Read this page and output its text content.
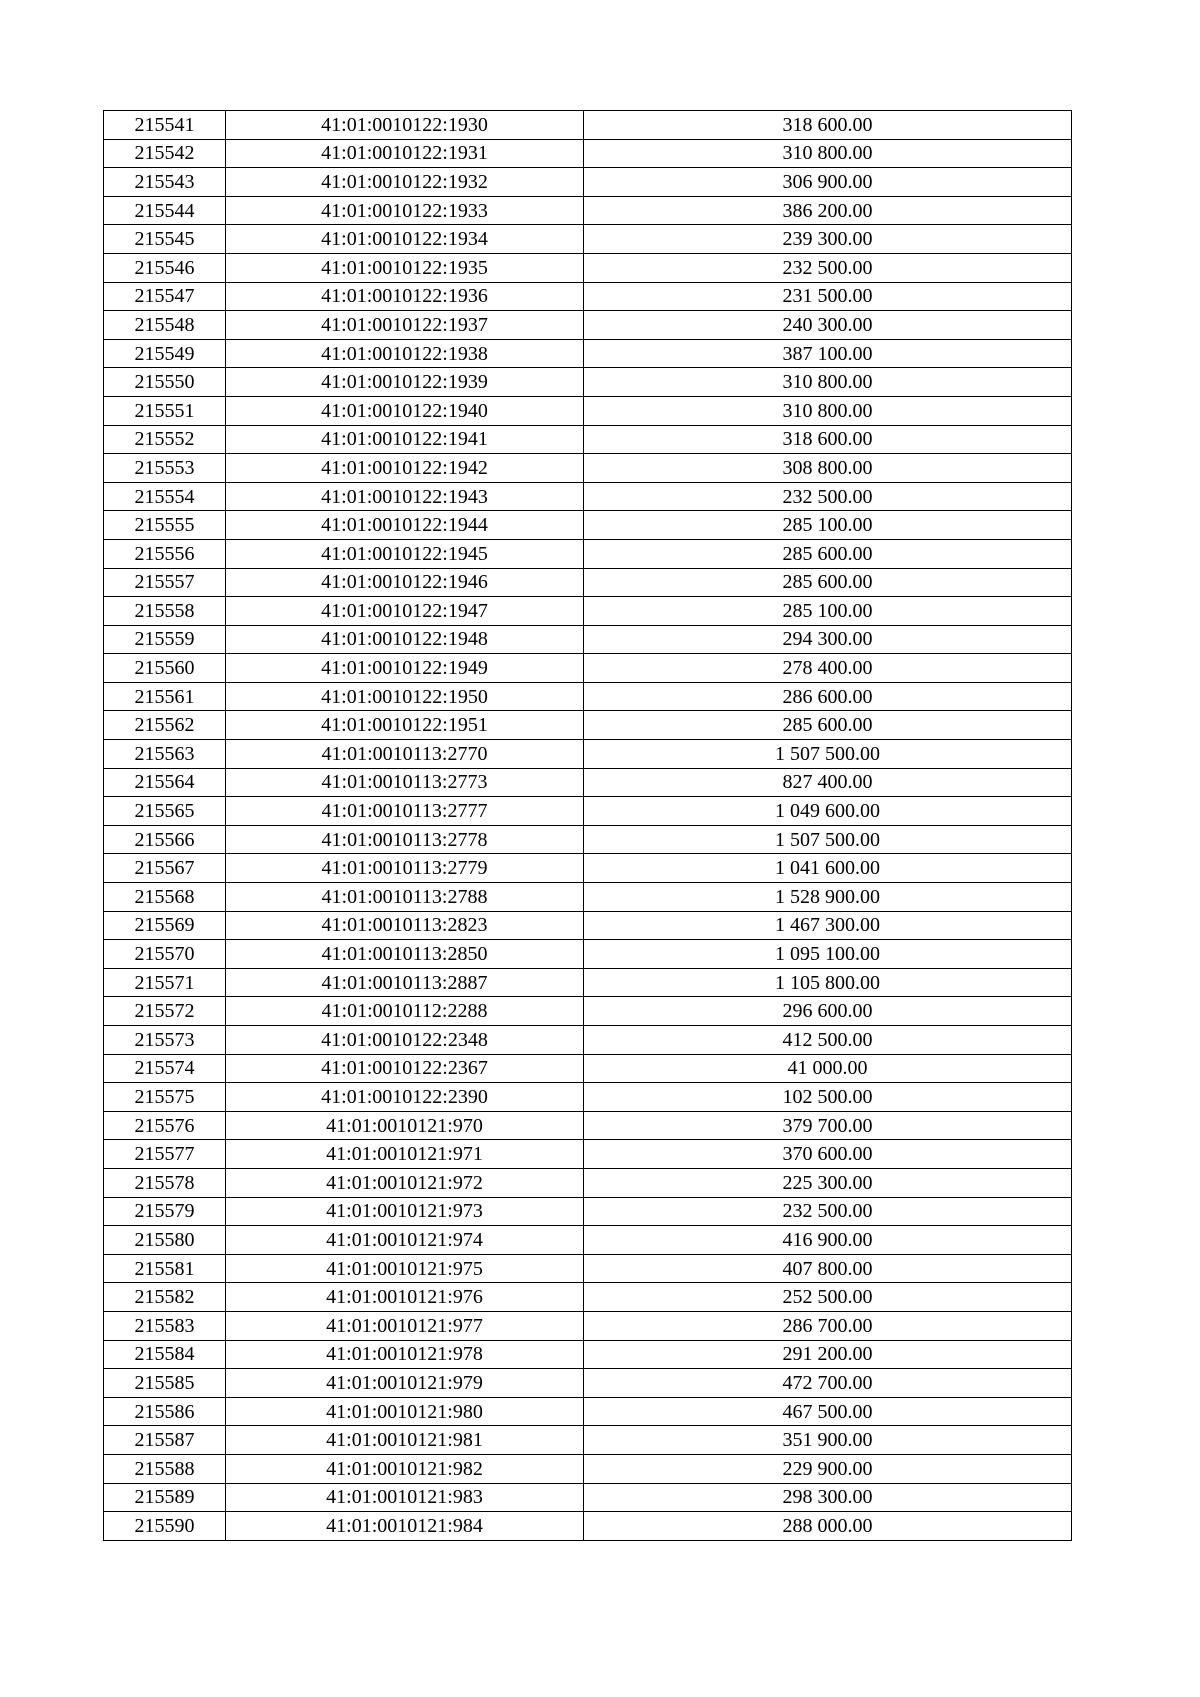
215541	41:01:0010122:1930	318 600.00
215542	41:01:0010122:1931	310 800.00
215543	41:01:0010122:1932	306 900.00
215544	41:01:0010122:1933	386 200.00
215545	41:01:0010122:1934	239 300.00
215546	41:01:0010122:1935	232 500.00
215547	41:01:0010122:1936	231 500.00
215548	41:01:0010122:1937	240 300.00
215549	41:01:0010122:1938	387 100.00
215550	41:01:0010122:1939	310 800.00
215551	41:01:0010122:1940	310 800.00
215552	41:01:0010122:1941	318 600.00
215553	41:01:0010122:1942	308 800.00
215554	41:01:0010122:1943	232 500.00
215555	41:01:0010122:1944	285 100.00
215556	41:01:0010122:1945	285 600.00
215557	41:01:0010122:1946	285 600.00
215558	41:01:0010122:1947	285 100.00
215559	41:01:0010122:1948	294 300.00
215560	41:01:0010122:1949	278 400.00
215561	41:01:0010122:1950	286 600.00
215562	41:01:0010122:1951	285 600.00
215563	41:01:0010113:2770	1 507 500.00
215564	41:01:0010113:2773	827 400.00
215565	41:01:0010113:2777	1 049 600.00
215566	41:01:0010113:2778	1 507 500.00
215567	41:01:0010113:2779	1 041 600.00
215568	41:01:0010113:2788	1 528 900.00
215569	41:01:0010113:2823	1 467 300.00
215570	41:01:0010113:2850	1 095 100.00
215571	41:01:0010113:2887	1 105 800.00
215572	41:01:0010112:2288	296 600.00
215573	41:01:0010122:2348	412 500.00
215574	41:01:0010122:2367	41 000.00
215575	41:01:0010122:2390	102 500.00
215576	41:01:0010121:970	379 700.00
215577	41:01:0010121:971	370 600.00
215578	41:01:0010121:972	225 300.00
215579	41:01:0010121:973	232 500.00
215580	41:01:0010121:974	416 900.00
215581	41:01:0010121:975	407 800.00
215582	41:01:0010121:976	252 500.00
215583	41:01:0010121:977	286 700.00
215584	41:01:0010121:978	291 200.00
215585	41:01:0010121:979	472 700.00
215586	41:01:0010121:980	467 500.00
215587	41:01:0010121:981	351 900.00
215588	41:01:0010121:982	229 900.00
215589	41:01:0010121:983	298 300.00
215590	41:01:0010121:984	288 000.00
